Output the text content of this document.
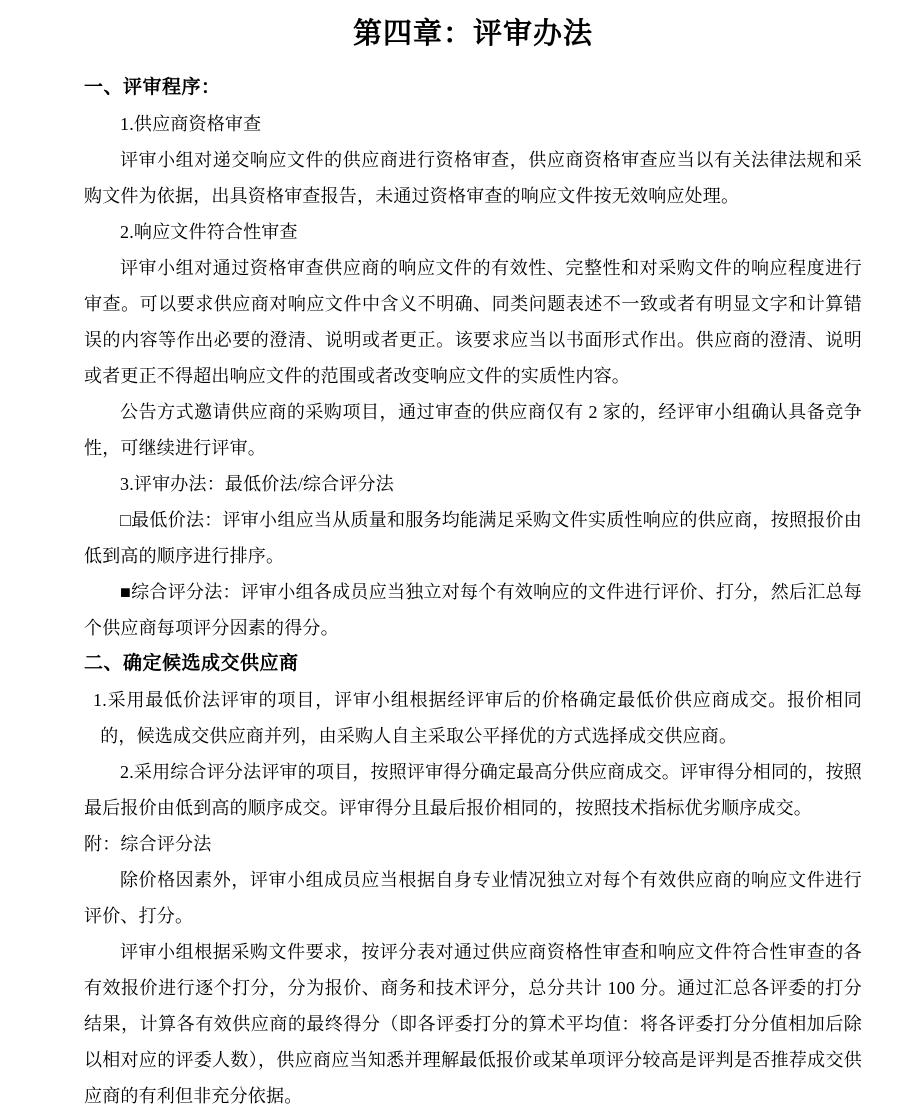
第四章：评审办法
一、评审程序：

1.供应商资格审查

评审小组对递交响应文件的供应商进行资格审查，供应商资格审查应当以有关法律法规和采购文件为依据，出具资格审查报告，未通过资格审查的响应文件按无效响应处理。

2.响应文件符合性审查

评审小组对通过资格审查供应商的响应文件的有效性、完整性和对采购文件的响应程度进行审查。可以要求供应商对响应文件中含义不明确、同类问题表述不一致或者有明显文字和计算错误的内容等作出必要的澄清、说明或者更正。该要求应当以书面形式作出。供应商的澄清、说明或者更正不得超出响应文件的范围或者改变响应文件的实质性内容。

公告方式邀请供应商的采购项目，通过审查的供应商仅有 2 家的，经评审小组确认具备竞争性，可继续进行评审。

3.评审办法：最低价法/综合评分法

□最低价法：评审小组应当从质量和服务均能满足采购文件实质性响应的供应商，按照报价由低到高的顺序进行排序。

■综合评分法：评审小组各成员应当独立对每个有效响应的文件进行评价、打分，然后汇总每个供应商每项评分因素的得分。

二、确定候选成交供应商

1.采用最低价法评审的项目，评审小组根据经评审后的价格确定最低价供应商成交。报价相同的，候选成交供应商并列，由采购人自主采取公平择优的方式选择成交供应商。

2.采用综合评分法评审的项目，按照评审得分确定最高分供应商成交。评审得分相同的，按照最后报价由低到高的顺序成交。评审得分且最后报价相同的，按照技术指标优劣顺序成交。

附：综合评分法

除价格因素外，评审小组成员应当根据自身专业情况独立对每个有效供应商的响应文件进行评价、打分。

评审小组根据采购文件要求，按评分表对通过供应商资格性审查和响应文件符合性审查的各有效报价进行逐个打分，分为报价、商务和技术评分，总分共计 100 分。通过汇总各评委的打分结果，计算各有效供应商的最终得分（即各评委打分的算术平均值：将各评委打分分值相加后除以相对应的评委人数），供应商应当知悉并理解最低报价或某单项评分较高是评判是否推荐成交供应商的有利但非充分依据。
